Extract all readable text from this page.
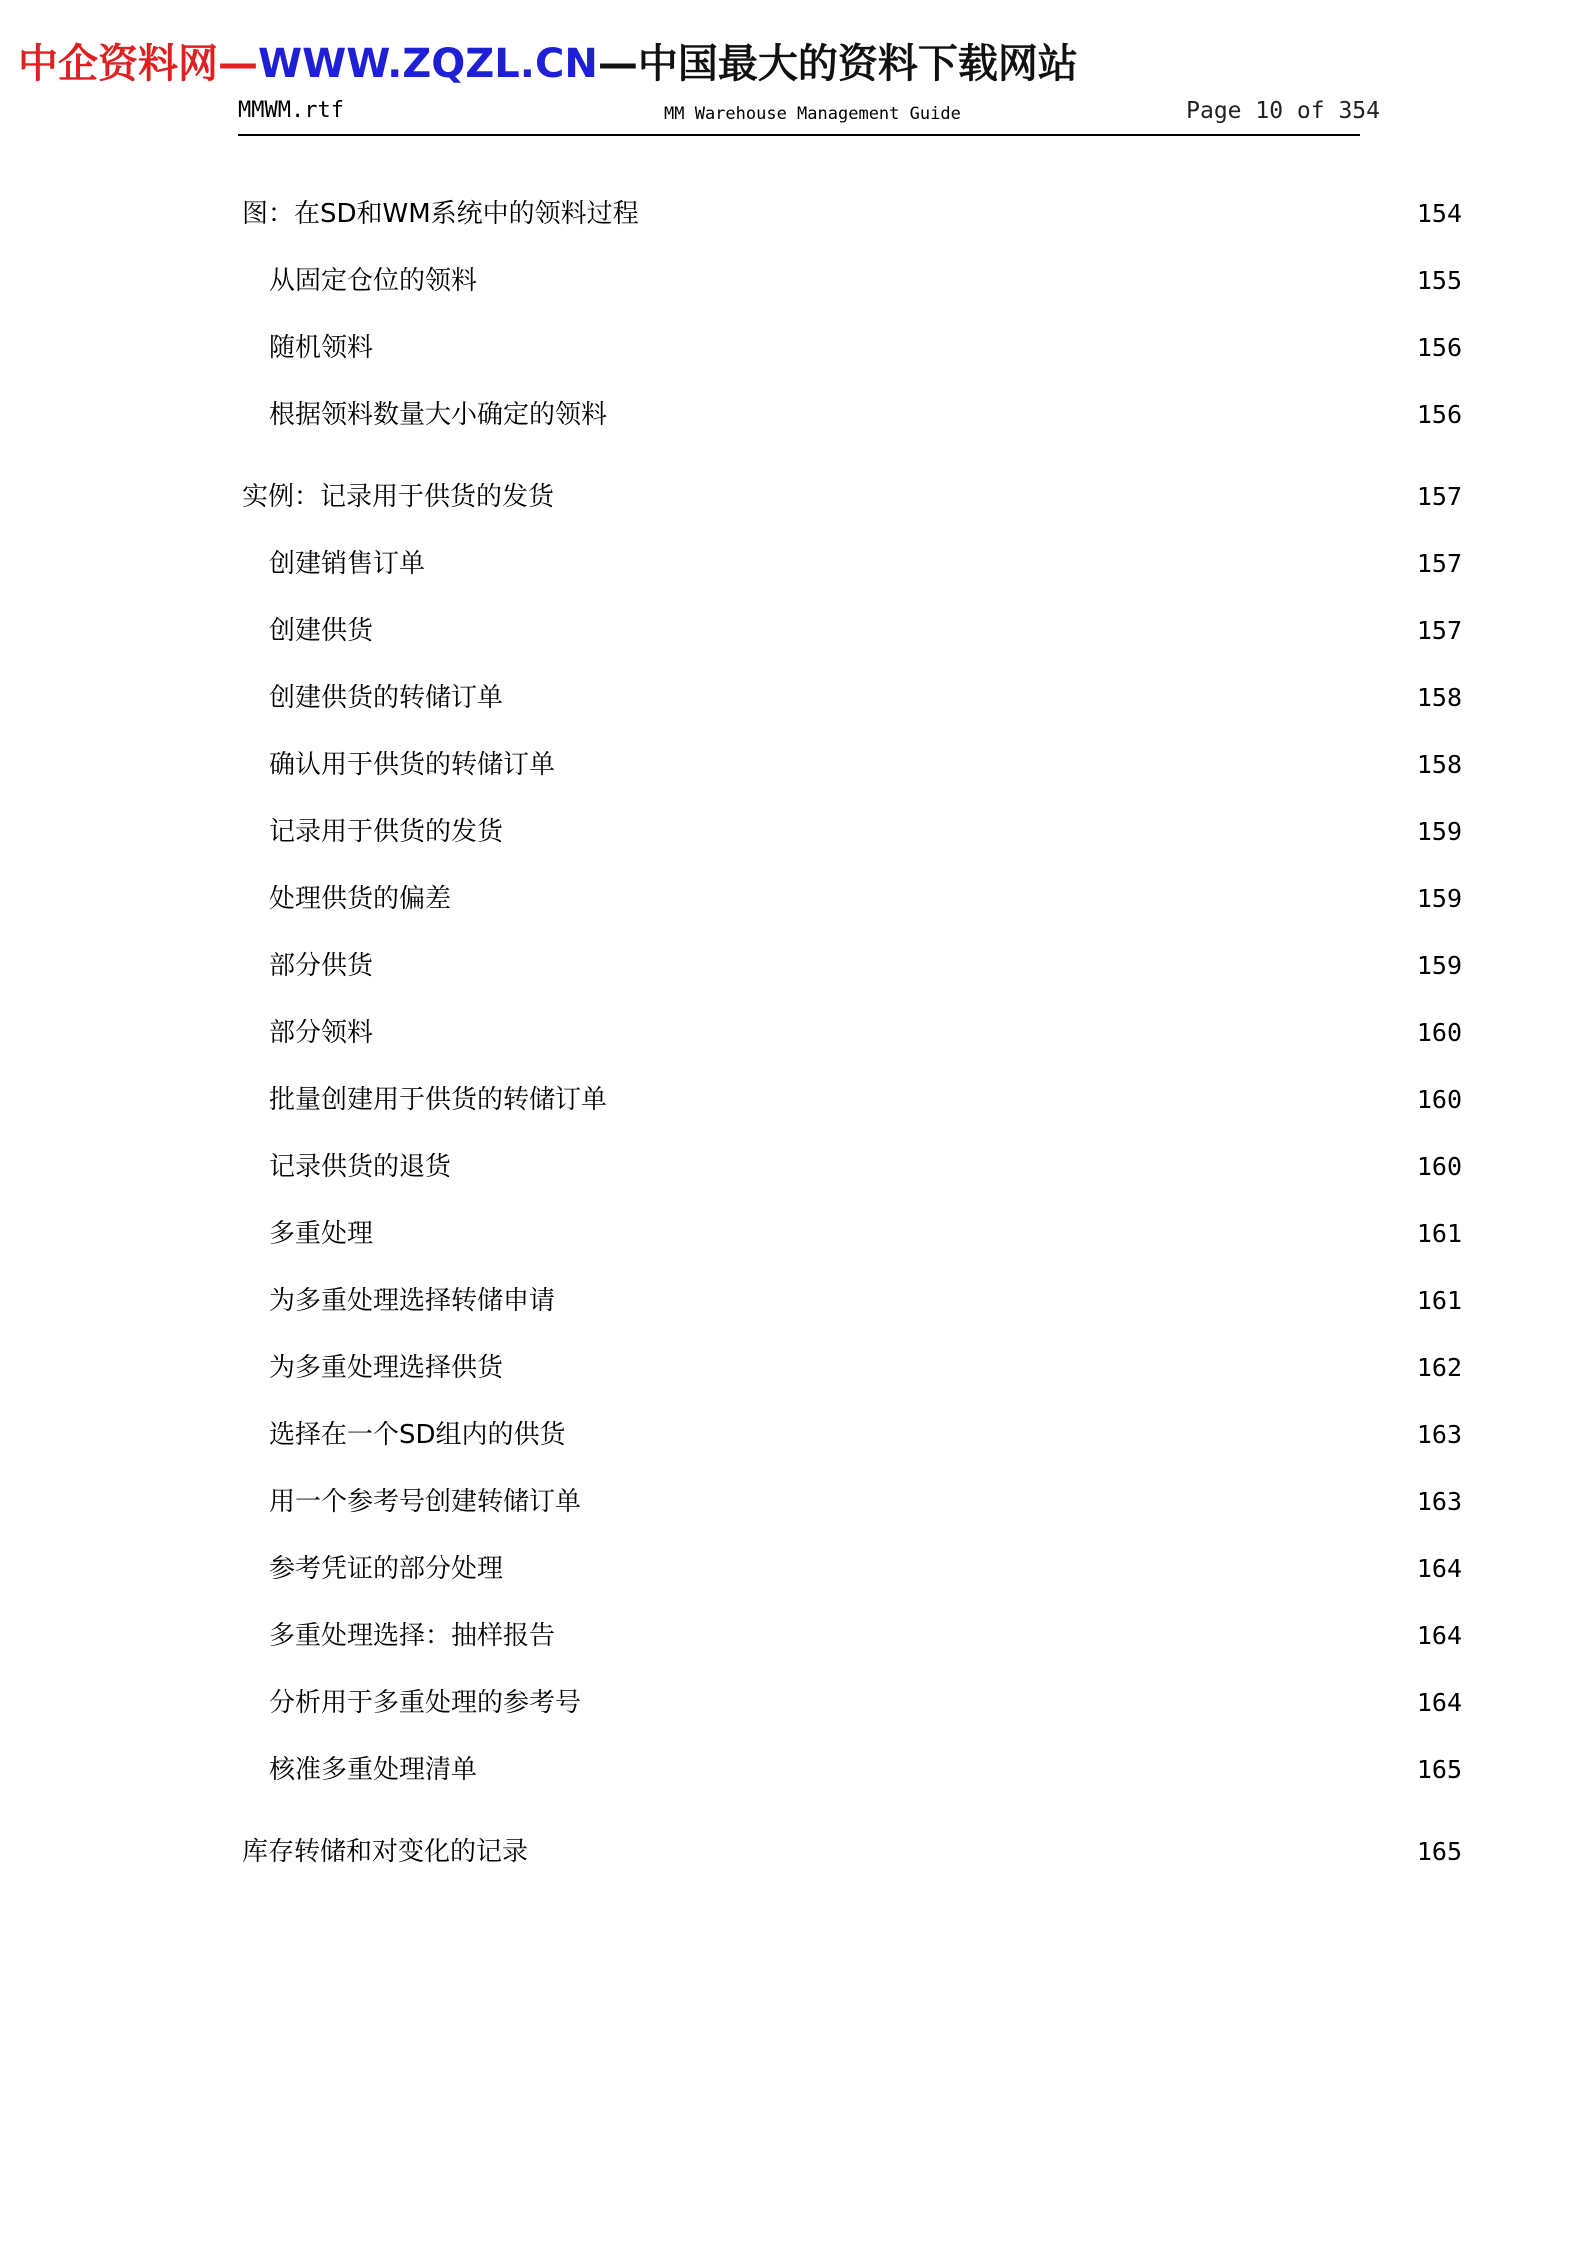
中企资料网—WWW.ZQZL.CN—中国最大的资料下载网站
MMWM.rtf	MM Warehouse Management Guide	Page 10 of 354
图：在SD和WM系统中的领料过程	154
从固定仓位的领料	155
随机领料	156
根据领料数量大小确定的领料	156
实例：记录用于供货的发货	157
创建销售订单	157
创建供货	157
创建供货的转储订单	158
确认用于供货的转储订单	158
记录用于供货的发货	159
处理供货的偏差	159
部分供货	159
部分领料	160
批量创建用于供货的转储订单	160
记录供货的退货	160
多重处理	161
为多重处理选择转储申请	161
为多重处理选择供货	162
选择在一个SD组内的供货	163
用一个参考号创建转储订单	163
参考凭证的部分处理	164
多重处理选择：抽样报告	164
分析用于多重处理的参考号	164
核准多重处理清单	165
库存转储和对变化的记录	165
